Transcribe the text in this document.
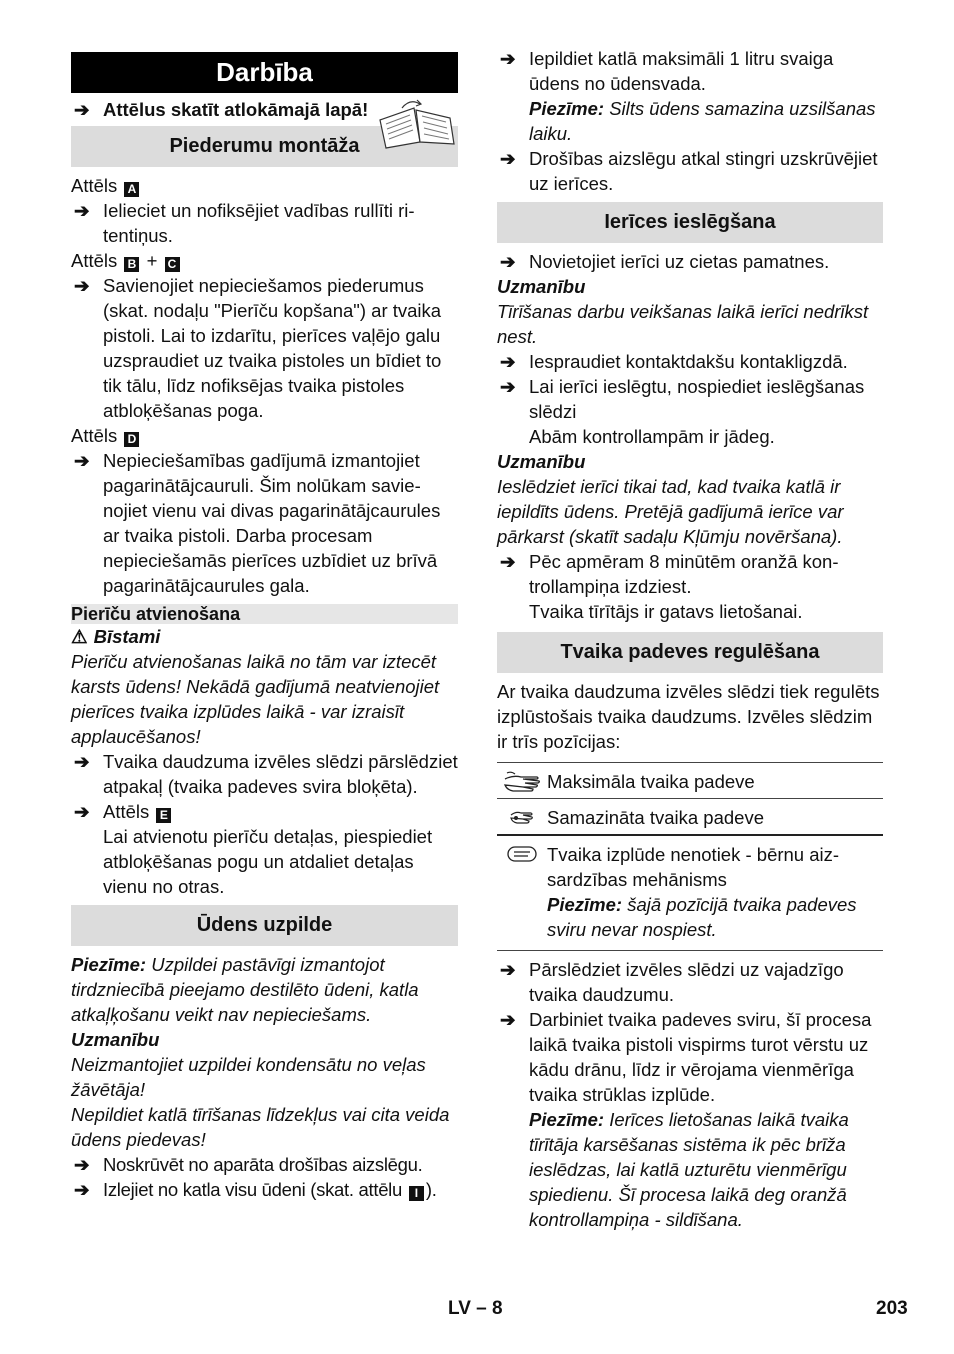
Darbība
➔ Attēlus skatīt atlokāmajā lapā!
Piederumu montāža
Attēls A
➔ Ielieciet un nofiksējiet vadības rullīti ritentiņus.
Attēls B + C
➔ Savienojiet nepieciešamos piederumus (skat. nodaļu "Pierīču kopšana") ar tvaika pistoli. Lai to izdarītu, pierīces vaļējo galu uzspraudiet uz tvaika pistoles un bīdiet to tik tālu, līdz nofiksējas tvaika pistoles atbloķēšanas poga.
Attēls D
➔ Nepieciešamības gadījumā izmantojiet pagarinātājcauruli. Šim nolūkam savienojiet vienu vai divas pagarinātājcaurules ar tvaika pistoli. Darba procesam nepieciešamās pierīces uzbīdiet uz brīvā pagarinātājcaurules gala.
Pierīču atvienošana
⚠ Bīstami
Pierīču atvienošanas laikā no tām var iztecēt karsts ūdens! Nekādā gadījumā neatvienojiet pierīces tvaika izplūdes laikā - var izraisīt applaucēšanos!
➔ Tvaika daudzuma izvēles slēdzi pārslēdziet atpakaļ (tvaika padeves svira bloķēta).
➔ Attēls E
Lai atvienotu pierīču detaļas, piespiediet atbloķēšanas pogu un atdaliet detaļas vienu no otras.
Ūdens uzpilde
Piezīme: Uzpildei pastāvīgi izmantojot tirdzniecībā pieejamo destilēto ūdeni, katla atkaļķošanu veikt nav nepieciešams.
Uzmanību
Neizmantojiet uzpildei kondensātu no veļas žāvētāja!
Nepildiet katlā tīrīšanas līdzekļus vai cita veida ūdens piedevas!
➔ Noskrūvēt no aparāta drošības aizslēgu.
➔ Izlejiet no katla visu ūdeni (skat. attēlu I ).
➔ Iepildiet katlā maksimāli 1 litru svaiga ūdens no ūdensvada.
Piezīme: Silts ūdens samazina uzsilšanas laiku.
➔ Drošības aizslēgu atkal stingri uzskrūvējiet uz ierīces.
Ierīces ieslēgšana
➔ Novietojiet ierīci uz cietas pamatnes.
Uzmanību
Tīrīšanas darbu veikšanas laikā ierīci nedrīkst nest.
➔ Iespraudiet kontaktdakšu kontakligzdā.
➔ Lai ierīci ieslēgtu, nospiediet ieslēgšanas slēdzi
Abām kontrollampām ir jādeg.
Uzmanību
Ieslēdziet ierīci tikai tad, kad tvaika katlā ir iepildīts ūdens. Pretējā gadījumā ierīce var pārkarst (skatīt sadaļu Kļūmju novēršana).
➔ Pēc apmēram 8 minūtēm oranžā kontrollampiņa izdziest.
Tvaika tīrītājs ir gatavs lietošanai.
Tvaika padeves regulēšana
Ar tvaika daudzuma izvēles slēdzi tiek regulēts izplūstošais tvaika daudzums. Izvēles slēdzim ir trīs pozīcijas:
Maksimāla tvaika padeve
Samazināta tvaika padeve
Tvaika izplūde nenotiek - bērnu aizsardzības mehānisms
Piezīme: šajā pozīcijā tvaika padeves sviru nevar nospiest.
➔ Pārslēdziet izvēles slēdzi uz vajadzīgo tvaika daudzumu.
➔ Darbiniet tvaika padeves sviru, šī procesa laikā tvaika pistoli vispirms turot vērstu uz kādu drānu, līdz ir vērojama vienmērīga tvaika strūklas izplūde.
Piezīme: Ierīces lietošanas laikā tvaika tīrītāja karsēšanas sistēma ik pēc brīža ieslēdzas, lai katlā uzturētu vienmērīgu spiedienu. Šī procesa laikā deg oranžā kontrollampiņa - sildīšana.
LV – 8	203
